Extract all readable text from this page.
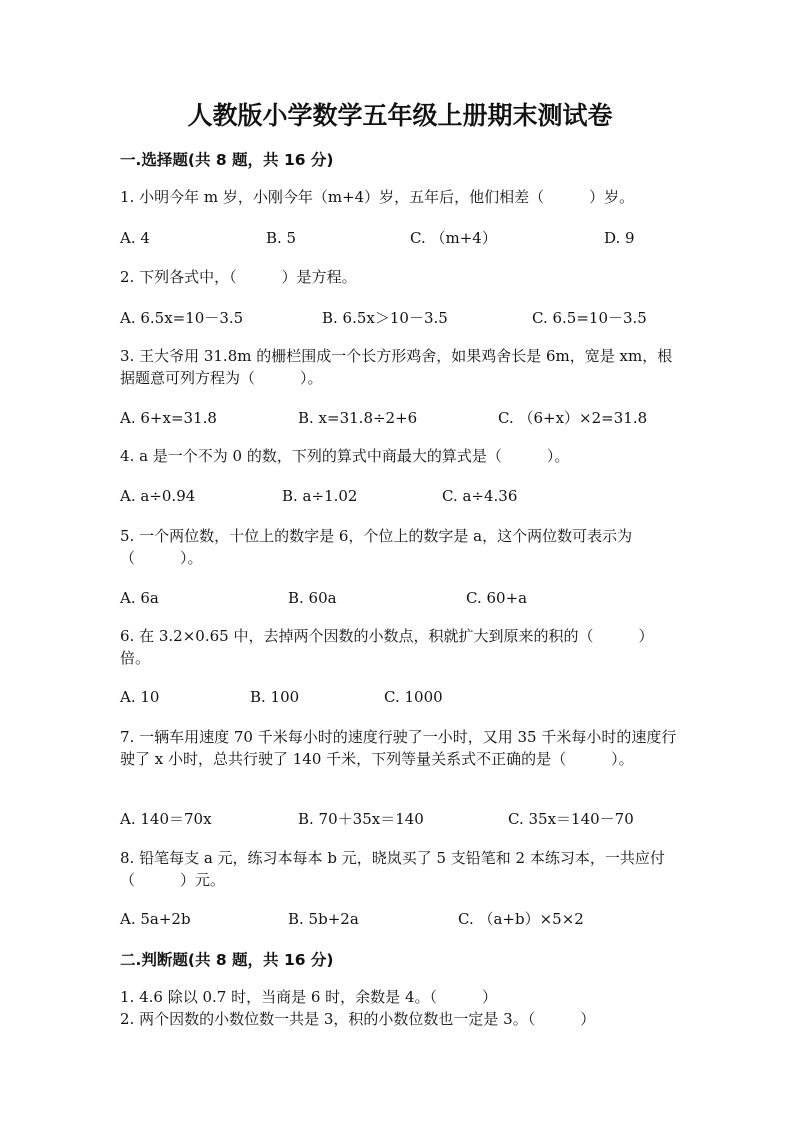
人教版小学数学五年级上册期末测试卷
一.选择题(共 8 题，共 16 分)
1. 小明今年 m 岁，小刚今年（m+4）岁，五年后，他们相差（　　　）岁。
A. 4	B. 5	C. （m+4）	D. 9
2. 下列各式中，（　　　）是方程。
A. 6.5x=10－3.5	B. 6.5x＞10－3.5	C. 6.5=10－3.5
3. 王大爷用 31.8m 的栅栏围成一个长方形鸡舍，如果鸡舍长是 6m，宽是 xm，根据题意可列方程为（　　　）。
A. 6+x=31.8	B. x=31.8÷2+6	C. （6+x）×2=31.8
4. a 是一个不为 0 的数，下列的算式中商最大的算式是（　　　）。
A. a÷0.94	B. a÷1.02	C. a÷4.36
5. 一个两位数，十位上的数字是 6，个位上的数字是 a，这个两位数可表示为（　　　）。
A. 6a	B. 60a	C. 60+a
6. 在 3.2×0.65 中，去掉两个因数的小数点，积就扩大到原来的积的（　　　）倍。
A. 10	B. 100	C. 1000
7. 一辆车用速度 70 千米每小时的速度行驶了一小时，又用 35 千米每小时的速度行驶了 x 小时，总共行驶了 140 千米，下列等量关系式不正确的是（　　　）。
A. 140＝70x	B. 70＋35x＝140	C. 35x＝140－70
8. 铅笔每支 a 元，练习本每本 b 元，晓岚买了 5 支铅笔和 2 本练习本，一共应付（　　　）元。
A. 5a+2b	B. 5b+2a	C. （a+b）×5×2
二.判断题(共 8 题，共 16 分)
1. 4.6 除以 0.7 时，当商是 6 时，余数是 4。（　　　）
2. 两个因数的小数位数一共是 3，积的小数位数也一定是 3。（　　　）
